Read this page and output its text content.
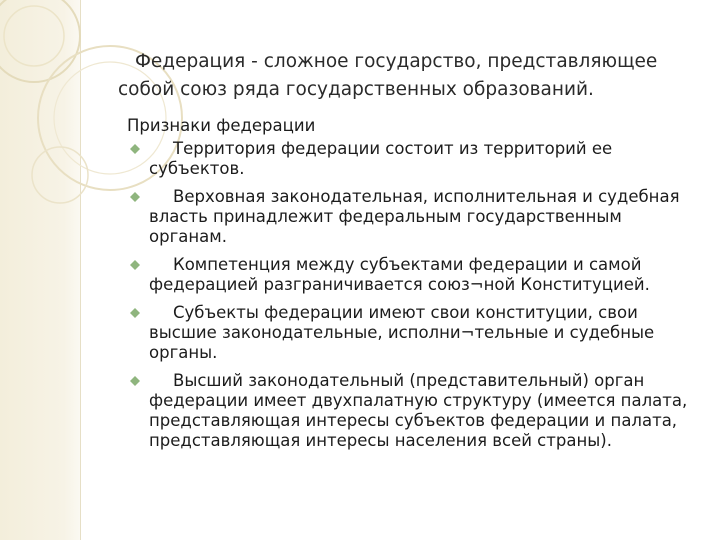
Федерация - сложное государство, представляющее
собой союз ряда государственных образований.
Признаки федерации
Территория федерации состоит из территорий ее субъектов.
Верховная законодательная, исполнительная и судебная власть принадлежит федеральным государственным органам.
Компетенция между субъектами федерации и самой федерацией разграничивается союз¬ной Конституцией.
Субъекты федерации имеют свои конституции, свои высшие законодательные, исполни¬тельные и судебные органы.
Высший законодательный (представительный) орган федерации имеет двухпалатную структуру (имеется палата, представляющая интересы субъектов федерации и палата, представляющая интересы населения всей страны).
